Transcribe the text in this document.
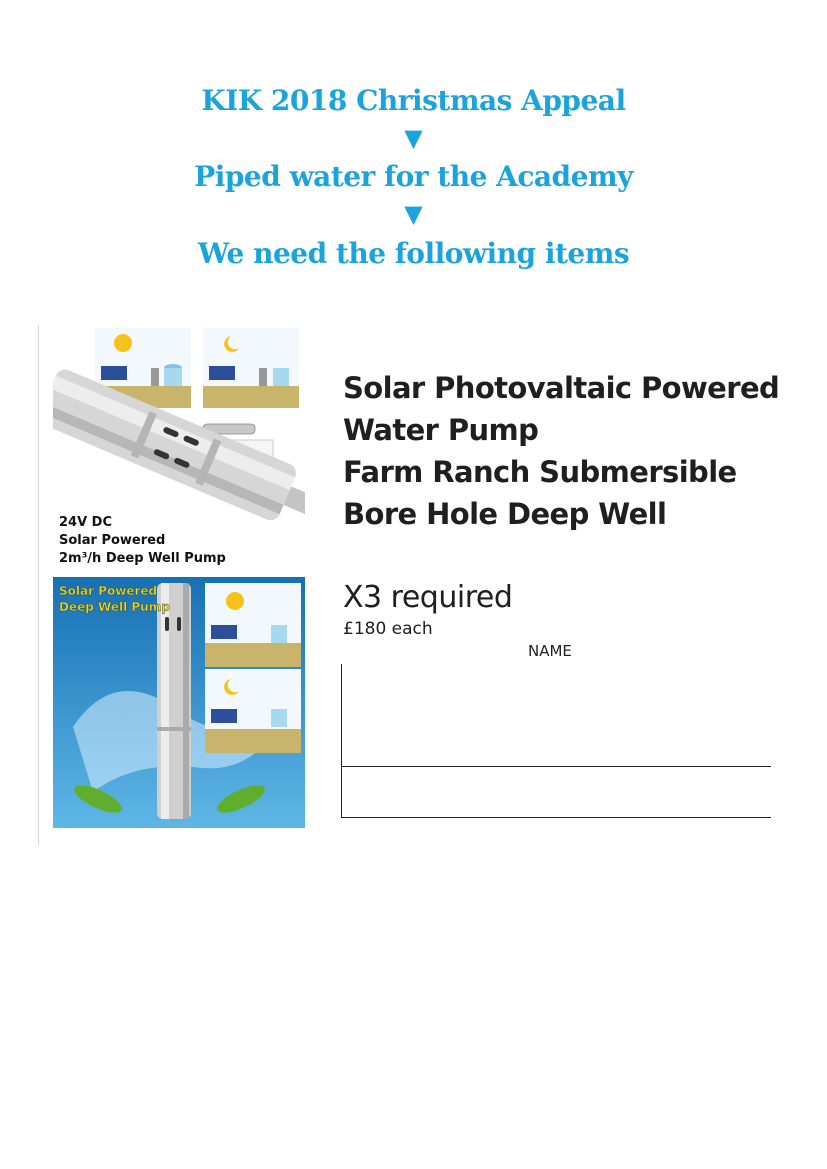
KIK 2018 Christmas Appeal
▼
Piped water for the Academy
▼
We need the following items
24V DC
Solar Powered
2m³/h Deep Well Pump
Solar Powered
Deep Well Pump
Solar Photovaltaic Powered
Water Pump
Farm Ranch Submersible
Bore Hole Deep Well
X3 required
£180 each
NAME
